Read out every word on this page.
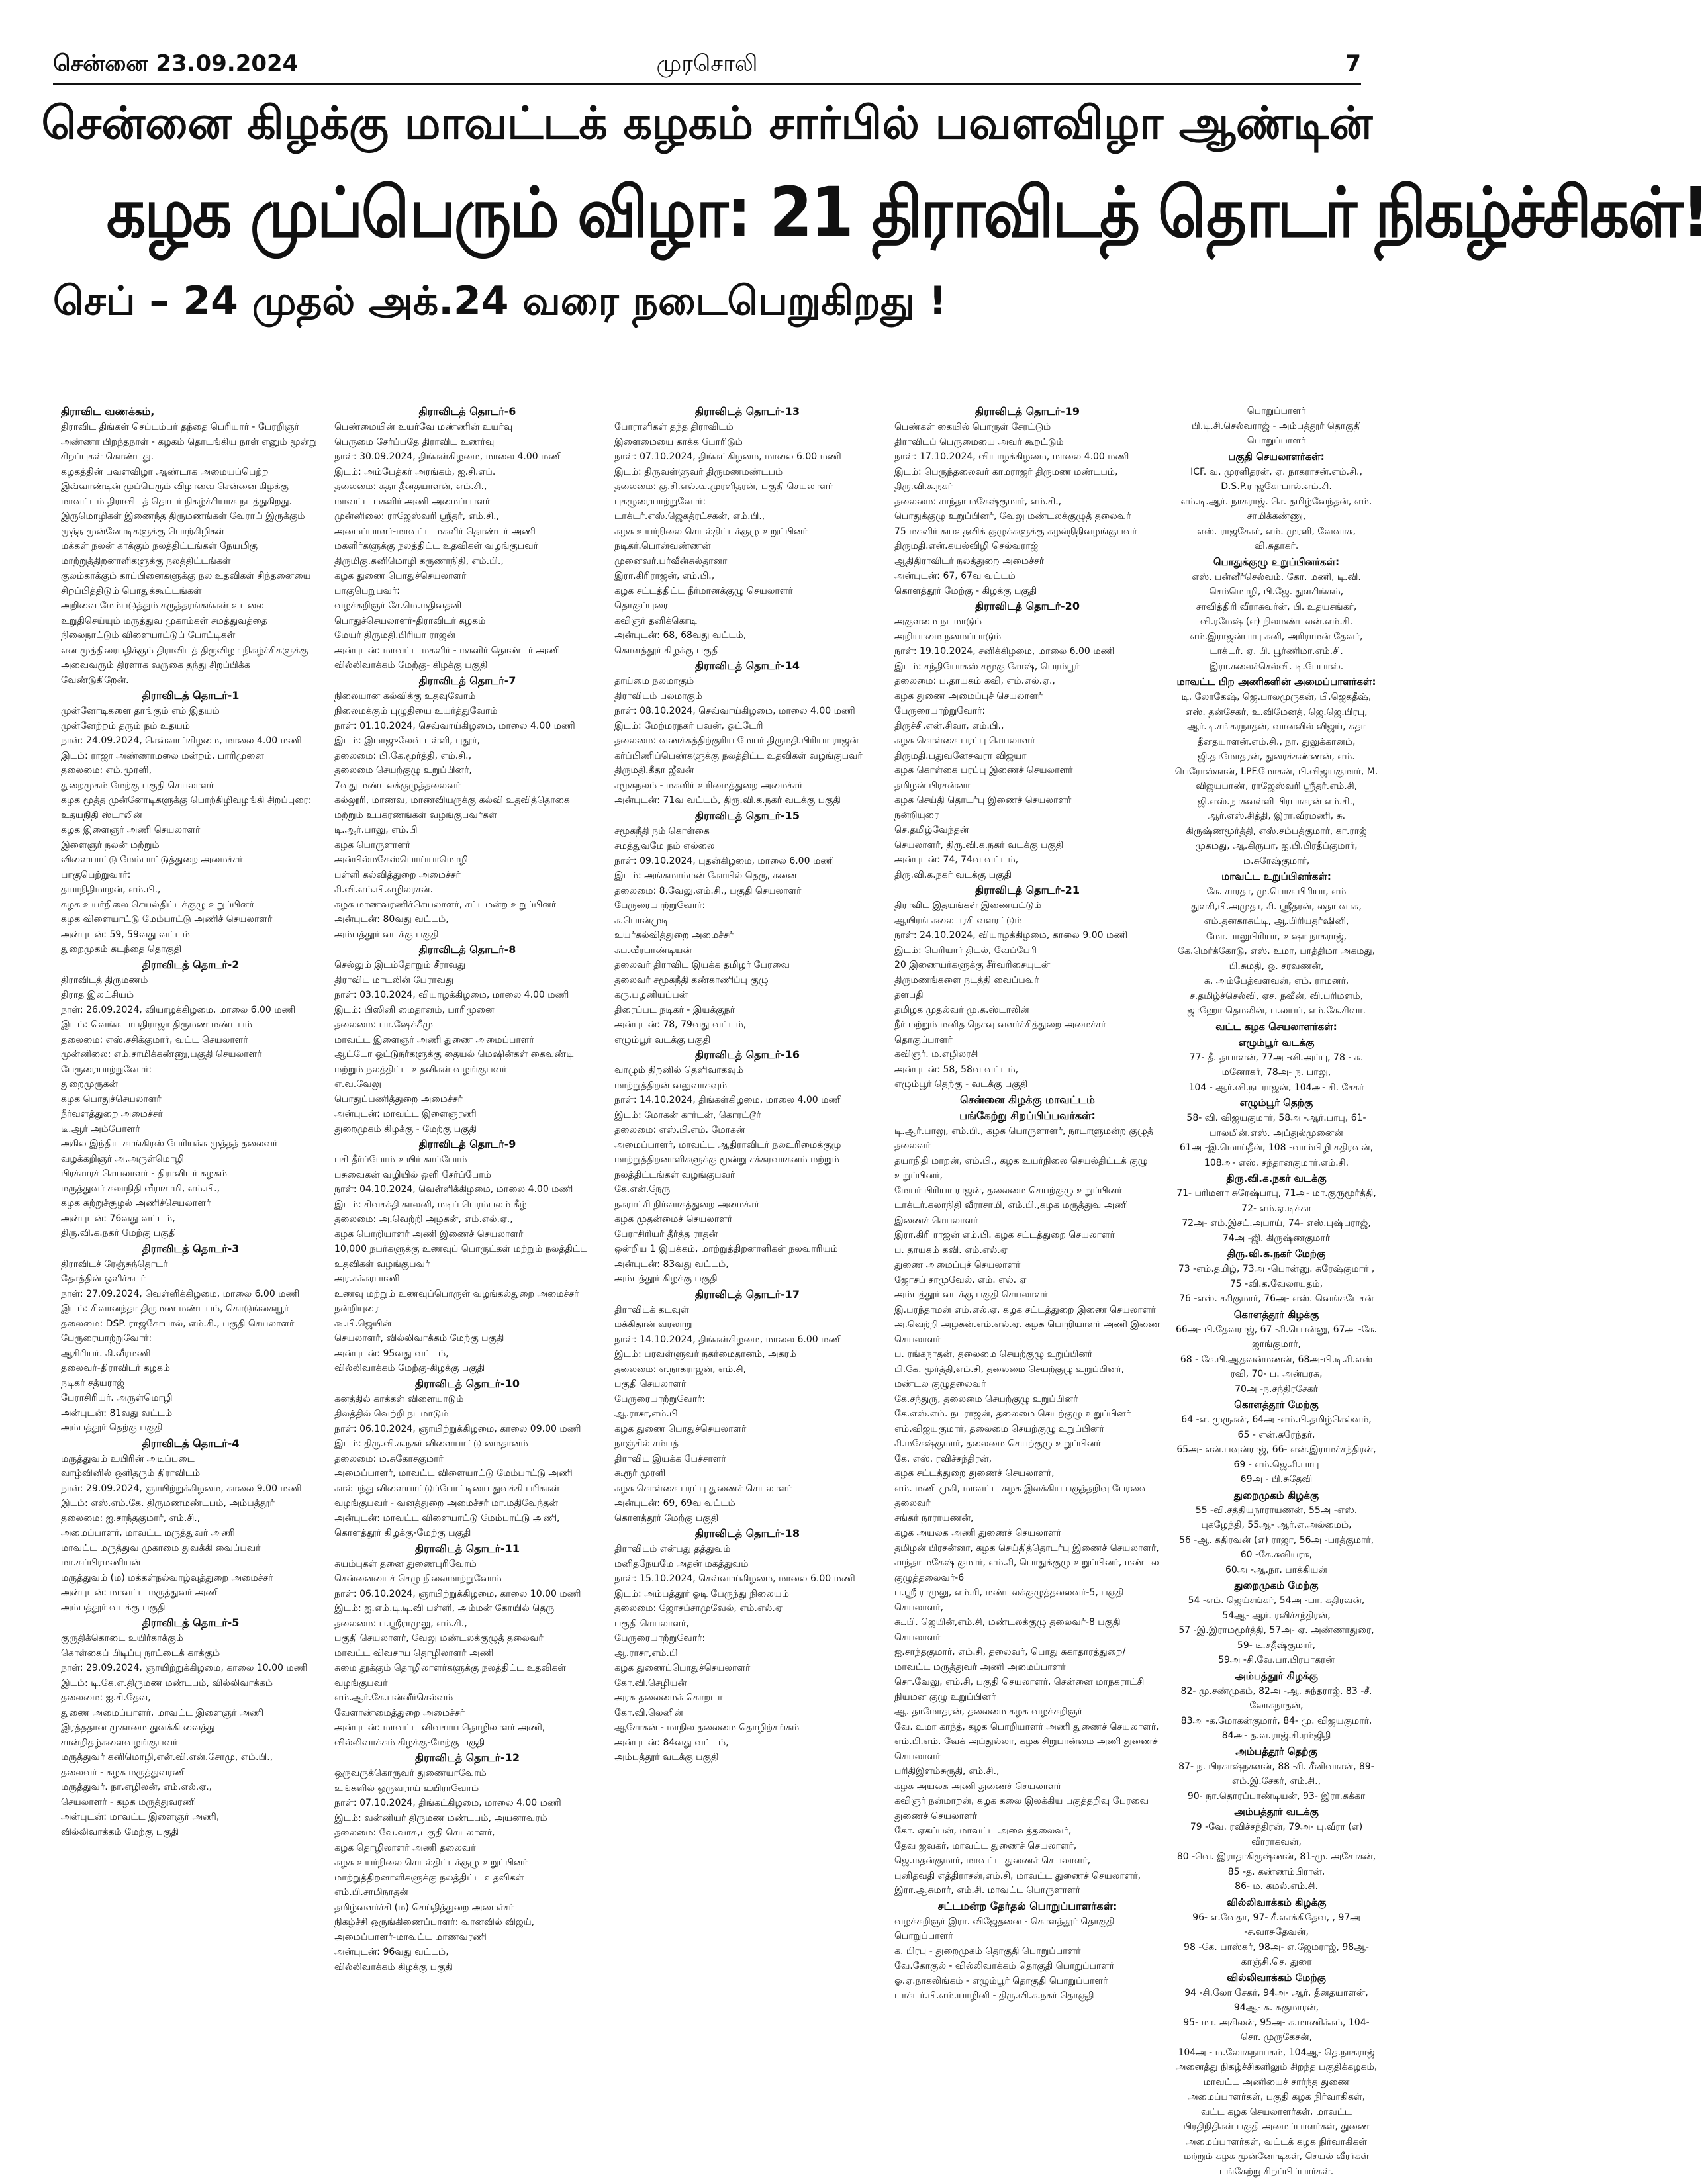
சென்னை 23.09.2024	முரசொலி	7
சென்னை கிழக்கு மாவட்டக் கழகம் சார்பில் பவளவிழா ஆண்டின்
கழக முப்பெரும் விழா: 21 திராவிடத் தொடர் நிகழ்ச்சிகள்!
செப் – 24 முதல் அக்.24 வரை நடைபெறுகிறது !

திராவிட வணக்கம்,

திராவிட திங்கள் செப்டம்பர் தந்தை பெரியார் - பேரறிஞர் அண்ணா பிறந்தநாள் - கழகம் தொடங்கிய நாள் எனும் மூன்று சிறப்புகள் கொண்டது.

கழகத்தின் பவளவிழா ஆண்டாக அமையப்பெற்ற இவ்வாண்டின் முப்பெரும் விழாவை சென்னை கிழக்கு மாவட்டம் திராவிடத் தொடர் நிகழ்ச்சியாக நடத்துகிறது.

இருமொழிகள் இணைந்த திருமணங்கள் வேராய் இருக்கும் மூத்த முன்னோடிகளுக்கு பொற்கிழிகள்

மக்கள் நலன் காக்கும் நலத்திட்டங்கள் நேயமிகு மாற்றுத்திறனாளிகளுக்கு நலத்திட்டங்கள்

குலம்காக்கும் காப்பினைகளுக்கு நல உதவிகள் சிந்தனையை சிறப்பித்திடும் பொதுக்கூட்டங்கள்

அறிவை மேம்படுத்தும் கருத்தரங்கங்கள் உடலை உறுதிசெய்யும் மருத்துவ முகாம்கள் சமத்துவத்தை நிலைநாட்டும் விளையாட்டுப் போட்டிகள்

என முத்திரைபதிக்கும் திராவிடத் திருவிழா நிகழ்ச்சிகளுக்கு அவைவரும் திரளாக வருகை தந்து சிறப்பிக்க வேண்டுகிறேன்.

திராவிடத் தொடர்-1

முன்னோடிகளை தாங்கும் எம் இதயம்

முன்னேற்றம் தரும் நம் உதயம்

நாள்: 24.09.2024, செவ்வாய்கிழமை, மாலை 4.00 மணி

இடம்: ராஜா அண்ணாமலை மன்றம், பாரிமுனை

தலைமை: எம்.முரளி,

துறைமுகம் மேற்கு பகுதி செயலாளர்

கழக மூத்த முன்னோடிகளுக்கு பொற்கிழிவழங்கி சிறப்புரை:

உதயநிதி ஸ்டாலின்

கழக இளைஞர் அணி செயலாளர்

இளைஞர் நலன் மற்றும்

விளையாட்டு மேம்பாட்டுத்துறை அமைச்சர்

பாகுபெற்றுவார்:

தயாநிதிமாறன், எம்.பி.,

கழக உயர்நிலை செயல்திட்டக்குழு உறுப்பினர்

கழக விளையாட்டு மேம்பாட்டு அணிச் செயலாளர்

அன்புடன்: 59, 59வது வட்டம்

துறைமுகம் கடந்தை தொகுதி

திராவிடத் தொடர்-2

திராவிடத் திருமணம்

திராத இலட்சியம்

நாள்: 26.09.2024, வியாழக்கிழமை, மாலை 6.00 மணி

இடம்: வெங்கடாபதிராஜா திருமண மண்டபம்

தலைமை: எஸ்.சசிக்குமார், வட்ட செயலாளர்

முன்னிலை: எம்.சாமிக்கண்ணு,பகுதி செயலாளர்

பேருரையாற்றுவோர்:

துறைமுருகன்

கழக பொதுச்செயலாளர்

நீர்வளத்துறை அமைச்சர்

டீ.ஆர் அம்போளர்

அகில இந்திய காங்கிரஸ் பேரியக்க மூத்தத் தலைவர் வழக்கறிஞர் அ.அருள்மொழி

பிரச்சாரச் செயலாளர் - திராவிடர் கழகம்

மருத்துவர் கலாநிதி வீராசாமி, எம்.பி.,

கழக சுற்றுச்சூழல் அணிச்செயலாளர்

அன்புடன்: 76வது வட்டம்,

திரு.வி.க.நகர் மேற்கு பகுதி

திராவிடத் தொடர்-3

திராவிடச் ரேஞ்சுந்தொடர்

தேசத்தின் ஒளிச்சுடர்

நாள்: 27.09.2024, வெள்ளிக்கிழமை, மாலை 6.00 மணி

இடம்: சிவானந்தா திருமண மண்டபம், கொடுங்கையூர்

தலைமை: DSP. ராஜகோபால், எம்.சி., பகுதி செயலாளர்

பேருரையாற்றுவோர்:

ஆசிரியர். கி.வீரமணி

தலைவர்-திராவிடர் கழகம்

நடிகர் சத்யராஜ்

பேராசிரியர். அருள்மொழி

அன்புடன்: 81வது வட்டம்

அம்பத்தூர் தெற்கு பகுதி

திராவிடத் தொடர்-4

மருத்துவம் உயிரின் அடிப்படை

வாழ்வினில் ஒளிதரும் திராவிடம்

நாள்: 29.09.2024, ஞாயிற்றுக்கிழமை, காலை 9.00 மணி

இடம்: எஸ்.எம்.கே. திருமணமண்டபம், அம்பத்தூர்

தலைமை: ஐ.சாந்தகுமார், எம்.சி.,

அமைப்பாளர், மாவட்ட மருத்துவர் அணி

மாவட்ட மருத்துவ முகாமை துவக்கி வைப்பவர்

மா.சுப்பிரமணியன்

மருத்துவம் (ம) மக்கள்நல்வாழ்வுத்துறை அமைச்சர்

அன்புடன்: மாவட்ட மருத்துவர் அணி

அம்பத்தூர் வடக்கு பகுதி

திராவிடத் தொடர்-5

குருதிக்கொடை உயிர்காக்கும்

கொள்கைப் பிடிப்பு நாட்டைக் காக்கும்

நாள்: 29.09.2024, ஞாயிற்றுக்கிழமை, காலை 10.00 மணி

இடம்: டி.கே.எ.திருமண மண்டபம், வில்லிவாக்கம்

தலைமை: ஐ.சி.தேவ,

துணை அமைப்பாளர், மாவட்ட இளைஞர் அணி

இரத்ததான முகாமை துவக்கி வைத்து சான்றிதழ்களைவழங்குபவர்

மருத்துவர் கனிமொழி,என்.வி.என்.சோமு, எம்.பி.,

தலைவர் - கழக மருத்துவரணி

மருத்துவர். நா.எழிலன், எம்.எல்.ஏ.,

செயலாளர் - கழக மருத்துவரணி

அன்புடன்: மாவட்ட இளைஞர் அணி,

வில்லிவாக்கம் மேற்கு பகுதி

திராவிடத் தொடர்-6

பெண்மையின் உயர்வே மண்ணின் உயர்வு

பெருமை சேர்ப்பதே திராவிட உணர்வு

நாள்: 30.09.2024, திங்கள்கிழமை, மாலை 4.00 மணி

இடம்: அம்பேத்கர் அரங்கம், ஐ.சி.எப்.

தலைமை: சுதா தீனதயாளன், எம்.சி.,

மாவட்ட மகளிர் அணி அமைப்பாளர்

முன்னிலை: ராஜேஸ்வரி ஸ்ரீதர், எம்.சி.,

அமைப்பாளர்-மாவட்ட மகளிர் தொண்டர் அணி

மகளிர்களுக்கு நலத்திட்ட உதவிகள் வழங்குபவர்

திருமிகு.கனிமொழி கருணாநிதி, எம்.பி.,

கழக துணை பொதுச்செயலாளர்

பாகுபெறுபவர்:

வழக்கறிஞர் சே.மெ.மதிவதனி

பொதுச்செயலாளர்-திராவிடர் கழகம்

மேயர் திருமதி.பிரியா ராஜன்

அன்புடன்: மாவட்ட மகளிர் - மகளிர் தொண்டர் அணி

வில்லிவாக்கம் மேற்கு- கிழக்கு பகுதி

திராவிடத் தொடர்-7

நிலையான கல்விக்கு உதவுவோம்

நிலைமக்கும் புழுதியை உயர்த்துவோம்

நாள்: 01.10.2024, செவ்வாய்கிழமை, மாலை 4.00 மணி

இடம்: இமாஜுலேவ் பள்ளி, புதூர்,

தலைமை: பி.கே.மூர்த்தி, எம்.சி.,

தலைமை செயற்குழு உறுப்பினர்,

7வது மண்டலக்குழுத்தலைவர்

கல்லூரி, மாணவ, மாணவியருக்கு கல்வி உதவித்தொகை மற்றும் உபகரணங்கள் வழங்குபவர்கள்

டி.ஆர்.பாலு, எம்.பி

கழக பொருளாளர்

அன்பில்மகேஸ்பொய்யாமொழி

பள்ளி கல்வித்துறை அமைச்சர்

சி.வி.எம்.பி.எழிலரசன்.

கழக மாணவரணிச்செயலாளர், சட்டமன்ற உறுப்பினர்

அன்புடன்: 80வது வட்டம்,

அம்பத்தூர் வடக்கு பகுதி

திராவிடத் தொடர்-8

செல்லும் இடம்தோறும் சீராவது

திராவிட மாடலின் பேராவது

நாள்: 03.10.2024, வியாழக்கிழமை, மாலை 4.00 மணி

இடம்: பிஸினி மைதானம், பாரிமுனை

தலைமை: பா.ஷேக்கீமு

மாவட்ட இளைஞர் அணி துணை அமைப்பாளர்

ஆட்டோ ஓட்டுநர்களுக்கு தையல் மெஷின்கள் கைவண்டி மற்றும் நலத்திட்ட உதவிகள் வழங்குபவர்

எ.வ.வேலு

பொதுப்பணித்துறை அமைச்சர்

அன்புடன்: மாவட்ட இளைஞரணி

துறைமுகம் கிழக்கு - மேற்கு பகுதி

திராவிடத் தொடர்-9

பசி தீர்ப்போம் உயிர் காப்போம்

பசுவைகன் வழியில் ஒளி சேர்ப்போம்

நாள்: 04.10.2024, வெள்ளிக்கிழமை, மாலை 4.00 மணி

இடம்: சிவசக்தி காலனி, மடிப் பெரம்பலம் கீழ்

தலைமை: அ.வெற்றி அழகன், எம்.எல்.ஏ.,

கழக பொறியாளர் அணி இணைச் செயலாளர்

10,000 நபர்களுக்கு உணவுப் பொருட்கள் மற்றும் நலத்திட்ட உதவிகள் வழங்குபவர்

அர.சக்கரபாணி

உணவு மற்றும் உணவுப்பொருள் வழங்கல்துறை அமைச்சர்

நன்றியுரை

கூ.பி.ஜெயின்

செயலாளர், வில்லிவாக்கம் மேற்கு பகுதி

அன்புடன்: 95வது வட்டம்,

வில்லிவாக்கம் மேற்கு-கிழக்கு பகுதி

திராவிடத் தொடர்-10

கனத்தில் காக்கள் விளையாடும்

திலத்தில் வெற்றி நடமாடும்

நாள்: 06.10.2024, ஞாயிற்றுக்கிழமை, காலை 09.00 மணி

இடம்: திரு.வி.க.நகர் விளையாட்டு மைதானம்

தலைமை: ம.சுகோசகுமார்

அமைப்பாளர், மாவட்ட விளையாட்டு மேம்பாட்டு அணி

கால்பந்து விளையாட்டுப்போட்டியை துவக்கி பரிசுகள் வழங்குபவர் - வனத்துறை அமைச்சர் மா.மதிவேந்தன்

அன்புடன்: மாவட்ட விளையாட்டு மேம்பாட்டு அணி,

கொளத்தூர் கிழக்கு-மேற்கு பகுதி

திராவிடத் தொடர்-11

சுயம்புகள் தனை துணைபுரிவோம்

சென்னையைச் செழு நிலைமாற்றுவோம்

நாள்: 06.10.2024, ஞாயிற்றுக்கிழமை, காலை 10.00 மணி

இடம்: ஐ.எம்.டி.டி.வி பள்ளி, அம்மன் கோயில் தெரு

தலைமை: ப.ஸ்ரீராமுலு, எம்.சி.,

பகுதி செயலாளர், வேலு மண்டலக்குழுத் தலைவர்

மாவட்ட விவசாய தொழிலாளர் அணி

சுமை தூக்கும் தொழிலாளர்களுக்கு நலத்திட்ட உதவிகள் வழங்குபவர்

எம்.ஆர்.கே.பன்னீர்செல்வம்

வேளாண்மைத்துறை அமைச்சர்

அன்புடன்: மாவட்ட விவசாய தொழிலாளர் அணி,

வில்லிவாக்கம் கிழக்கு-மேற்கு பகுதி

திராவிடத் தொடர்-12

ஒருவருக்கொருவர் துணையாவோம்

உங்களில் ஒருவராய் உயிராவோம்

நாள்: 07.10.2024, திங்கட்கிழமை, மாலை 4.00 மணி

இடம்: வன்னியர் திருமண மண்டபம், அயனாவரம்

தலைமை: வே.வாசு,பகுதி செயலாளர்,

கழக தொழிலாளர் அணி தலைவர்

கழக உயர்நிலை செயல்திட்டக்குழு உறுப்பினர் மாற்றுத்திறனாளிகளுக்கு நலத்திட்ட உதவிகள்

எம்.பி.சாமிநாதன்

தமிழ்வளர்ச்சி (ம) செய்தித்துறை அமைச்சர்

நிகழ்ச்சி ஒருங்கிணைப்பாளர்: வானவில் விஜய்,

அமைப்பாளர்-மாவட்ட மாணவரணி

அன்புடன்: 96வது வட்டம்,

வில்லிவாக்கம் கிழக்கு பகுதி

திராவிடத் தொடர்-13

போராளிகள் தந்த திராவிடம்

இளைமையை காக்க போரிடும்

நாள்: 07.10.2024, திங்கட்கிழமை, மாலை 6.00 மணி

இடம்: திருவள்ளுவர் திருமணமண்டபம்

தலைமை: கு.சி.எல்.வ.முரளிதரன், பகுதி செயலாளர்

புகழுரையாற்றுவோர்:

டாக்டர்.எஸ்.ஜெகத்ரட்சகன், எம்.பி.,

கழக உயர்நிலை செயல்திட்டக்குழு உறுப்பினர்

நடிகர்.பொன்வண்ணன்

முனைவர்.பர்வீன்சுல்தானா

இரா.கிரிராஜன், எம்.பி.,

கழக சட்டத்திட்ட நீர்மானக்குழு செயலாளர்

தொகுப்புரை

கவிஞர் தனிக்கொடி

அன்புடன்: 68, 68வது வட்டம்,

கொளத்தூர் கிழக்கு பகுதி

திராவிடத் தொடர்-14

தாய்மை நலமாகும்

திராவிடம் பலமாகும்

நாள்: 08.10.2024, செவ்வாய்கிழமை, மாலை 4.00 மணி

இடம்: மேற்மரநகர் பவன், ஓட்டேரி

தலைமை: வணக்கத்திற்குரிய மேயர் திருமதி.பிரியா ராஜன்

கர்ப்பிணிப்பெண்களுக்கு நலத்திட்ட உதவிகள் வழங்குபவர்

திருமதி.கீதா ஜீவன்

சமூகநலம் - மகளிர் உரிமைத்துறை அமைச்சர்

அன்புடன்: 71வ வட்டம், திரு.வி.க.நகர் வடக்கு பகுதி

திராவிடத் தொடர்-15

சமூகநீதி நம் கொள்கை

சமத்துவமே நம் எல்லை

நாள்: 09.10.2024, புதன்கிழமை, மாலை 6.00 மணி

இடம்: அங்கமாம்மன் கோயில் தெரு, கனை

தலைமை: 8.வேலு,எம்.சி., பகுதி செயலாளர்

பேருரையாற்றுவோர்:

க.பொன்முடி

உயர்கல்வித்துறை அமைச்சர்

சுப.வீரபாண்டியன்

தலைவர் திராவிட இயக்க தமிழர் பேரவை

தலைவர் சமூகநீதி கண்காணிப்பு குழு

கரு.பழனியப்பன்

திரைப்பட நடிகர் - இயக்குநர்

அன்புடன்: 78, 79வது வட்டம்,

எழும்பூர் வடக்கு பகுதி

திராவிடத் தொடர்-16

வாழும் திறனில் தெளிவாகவும்

மாற்றுத்திறன் வலுவாகவும்

நாள்: 14.10.2024, திங்கள்கிழமை, மாலை 4.00 மணி

இடம்: மோகன் கார்டன், கொரட்டூர்

தலைமை: எஸ்.பி.எம். மோகன்

அமைப்பாளர், மாவட்ட ஆதிராவிடர் நலஉரிமைக்குழு

மாற்றுத்திறனாளிகளுக்கு மூன்று சக்கரவாகனம் மற்றும் நலத்திட்டங்கள் வழங்குபவர்

கே.என்.நேரு

நகராட்சி நிர்வாகத்துறை அமைச்சர்

கழக முதன்மைச் செயலாளர்

பேராசிரியர் தீர்த்த ராதன்

ஒன்றிய 1 இயக்கம், மாற்றுத்திறனாளிகள் நலவாரியம்

அன்புடன்: 83வது வட்டம்,

அம்பத்தூர் கிழக்கு பகுதி

திராவிடத் தொடர்-17

திராவிடக் கடவுள்

மக்கிதான் வரலாறு

நாள்: 14.10.2024, திங்கள்கிழமை, மாலை 6.00 மணி

இடம்: பரவள்ளுவர் நகர்மைதானம், அகரம்

தலைமை: எ.நாகராஜன், எம்.சி,

பகுதி செயலாளர்

பேருரையாற்றுவோர்:

ஆ.ராசா,எம்.பி

கழக துணை பொதுச்செயலாளர்

நாஞ்சில் சம்பத்

திராவிட இயக்க பேச்சாளர்

கூரூர் முரளி

கழக கொள்கை பரப்பு துணைச் செயலாளர்

அன்புடன்: 69, 69வ வட்டம்

கொளத்தூர் மேற்கு பகுதி

திராவிடத் தொடர்-18

திராவிடம் என்பது தத்துவம்

மனிதநேயமே அதன் மகத்துவம்

நாள்: 15.10.2024, செவ்வாய்கிழமை, மாலை 6.00 மணி

இடம்: அம்பத்தூர் ஓடி பேருந்து நிலையம்

தலைமை: ஜோசப்சாமுவேல், எம்.எல்.ஏ

பகுதி செயலாளர்,

பேருரையாற்றுவோர்:

ஆ.ராசா,எம்.பி

கழக துணைப்பொதுச்செயலாளர்

கோ.வி.செழியன்

அரசு தலைமைக் கொறடா

கோ.வி.லெனின்

ஆசோகன் - மாநில தலைமை தொழிற்சங்கம்

அன்புடன்: 84வது வட்டம்,

அம்பத்தூர் வடக்கு பகுதி

திராவிடத் தொடர்-19

பெண்கள் கையில் பொருள் சேரட்டும்

திராவிடப் பெருமையை அவர் கூறட்டும்

நாள்: 17.10.2024, வியாழக்கிழமை, மாலை 4.00 மணி

இடம்: பெருந்தலைவர் காமராஜர் திருமண மண்டபம், திரு.வி.க.நகர்

தலைமை: சாந்தா மகேஷ்குமார், எம்.சி.,

பொதுக்குழு உறுப்பினர், வேலு மண்டலக்குழுத் தலைவர்

75 மகளிர் சுயஉதவிக் குழுக்களுக்கு சுழல்நிதிவழங்குபவர்

திருமதி.என்.கயல்விழி செல்வராஜ்

ஆதிதிராவிடர் நலத்துறை அமைச்சர்

அன்புடன்: 67, 67வ வட்டம்

கொளத்தூர் மேற்கு - கிழக்கு பகுதி

திராவிடத் தொடர்-20

அகுளமை நடமாடும்

அறியாமை நமைப்பாடும்

நாள்: 19.10.2024, சனிக்கிழமை, மாலை 6.00 மணி

இடம்: சந்தியோகஸ் சமூகு சோஷ், பெரம்பூர்

தலைமை: ப.தாயகம் கவி, எம்.எல்.ஏ.,

கழக துணை அமைப்புச் செயலாளர்

பேருரையாற்றுவோர்:

திருச்சி.என்.சிவா, எம்.பி.,

கழக கொள்கை பரப்பு செயலாளர்

திருமதி.பதுவனேசுவரா விஜயா

கழக கொள்கை பரப்பு இணைச் செயலாளர்

தமிழன் பிரசன்னா

கழக செய்தி தொடர்பு இணைச் செயலாளர்

நன்றியுரை

செ.தமிழ்வேந்தன்

செயலாளர், திரு.வி.க.நகர் வடக்கு பகுதி

அன்புடன்: 74, 74வ வட்டம்,

திரு.வி.க.நகர் வடக்கு பகுதி

திராவிடத் தொடர்-21

திராவிட இதயங்கள் இணையட்டும்

ஆயிரங் கலையரசி வளரட்டும்

நாள்: 24.10.2024, வியாழக்கிழமை, காலை 9.00 மணி

இடம்: பெரியார் திடல், வேப்பேரி

20 இணையர்களுக்கு சீர்வரிசையுடன்

திருமணங்களை நடத்தி வைப்பவர்

தளபதி

தமிழக முதல்வர் மு.க.ஸ்டாலின்

நீர் மற்றும் மனித நெசவு வளர்ச்சித்துறை அமைச்சர்

தொகுப்பாளர்

கவிஞர். ம.எழிலரசி

அன்புடன்: 58, 58வ வட்டம்,

எழும்பூர் தெற்கு - வடக்கு பகுதி

சென்னை கிழக்கு மாவட்டம்

பங்கேற்று சிறப்பிப்பவர்கள்:

டி.ஆர்.பாலு, எம்.பி., கழக பொருளாளர், நாடாளுமன்ற குழுத் தலைவர்

தயாநிதி மாறன், எம்.பி., கழக உயர்நிலை செயல்திட்டக் குழு உறுப்பினர்,

மேயர் பிரியா ராஜன், தலைமை செயற்குழு உறுப்பினர்

டாக்டர்.கலாநிதி வீராசாமி, எம்.பி.,கழக மருத்துவ அணி இணைச் செயலாளர்

இரா.கிரி ராஜன் எம்.பி. கழக சட்டத்துறை செயலாளர்

ப. தாயகம் கவி. எம்.எல்.ஏ

துணை அமைப்புச் செயலாளர்

ஜோசப் சாமுவேல். எம். எல். ஏ

அம்பத்தூர் வடக்கு பகுதி செயலாளர்

இ.பரந்தாமன் எம்.எல்.ஏ. கழக சட்டத்துறை இணை செயலாளர்

அ.வெற்றி அழகன்.எம்.எல்.ஏ. கழக பொறியாளர் அணி இணை செயலாளர்

ப. ரங்கநாதன், தலைமை செயற்குழு உறுப்பினர்

பி.கே. மூர்த்தி,எம்.சி, தலைமை செயற்குழு உறுப்பினர்,

மண்டல குழுதலைவர்

கே.சந்துரு, தலைமை செயற்குழு உறுப்பினர்

கே.எஸ்.எம். நடராஜன், தலைமை செயற்குழு உறுப்பினர்

எம்.விஜயகுமார், தலைமை செயற்குழு உறுப்பினர்

சி.மகேஷ்குமார், தலைமை செயற்குழு உறுப்பினர்

கே. எஸ். ரவிச்சந்திரன்,

கழக சட்டத்துறை துணைச் செயலாளர்,

எம். மணி முகி, மாவட்ட கழக இலக்கிய பகுத்தறிவு பேரவை தலைவர்

சங்கர் நாராயணன்,

கழக அயலக அணி துணைச் செயலாளர்

தமிழன் பிரசன்னா, கழக செய்தித்தொடர்பு இணைச் செயலாளர்,

சாந்தா மகேஷ் குமார், எம்.சி, பொதுக்குழு உறுப்பினர், மண்டல குழுத்தலைவர்-6

ப.ஸ்ரீ ராமுலு, எம்.சி, மண்டலக்குழுத்தலைவர்-5, பகுதி செயலாளர்,

கூ.பி. ஜெயின்,எம்.சி, மண்டலக்குழு தலைவர்-8 பகுதி செயலாளர்

ஐ.சாந்தகுமார், எம்.சி, தலைவர், பொது சுகாதாரத்துறை/ மாவட்ட மருத்துவர் அணி அமைப்பாளர்

சொ.வேலு, எம்.சி, பகுதி செயலாளர், சென்னை மாநகராட்சி நியமன குழு உறுப்பினர்

ஆ. தாமோதரன், தலைமை கழக வழக்கறிஞர்

வே. உமா காந்த், கழக பொறியாளர் அணி துணைச் செயலாளர்,

எம்.பி.எம். வேக் அப்துல்லா, கழக சிறுபான்மை அணி துணைச் செயலாளர்

பரிதிஇளம்சுருதி, எம்.சி.,

கழக அயலக அணி துணைச் செயலாளர்

கவிஞர் நன்மாறன், கழக கலை இலக்கிய பகுத்தறிவு பேரவை துணைச் செயலாளர்

கோ. ஏகப்பன், மாவட்ட அவைத்தலைவர்,

தேவ ஜவகர், மாவட்ட துணைச் செயலாளர்,

ஜெ.மதன்குமார், மாவட்ட துணைச் செயலாளர்,

புனிதவதி எத்திராசன்,எம்.சி, மாவட்ட துணைச் செயலாளர்,

இரா.ஆசுமார், எம்.சி. மாவட்ட பொருளாளர்

சட்டமன்ற தேர்தல் பொறுப்பாளர்கள்:

வழக்கறிஞர் இரா. விஜேதனை - கொளத்தூர் தொகுதி

பொறுப்பாளர்

க. பிரபு - துறைமுகம் தொகுதி பொறுப்பாளர்

வே.கோகுல் - வில்லிவாக்கம் தொகுதி பொறுப்பாளர்

ஓ.ஏ.நாகலிங்கம் - எழும்பூர் தொகுதி பொறுப்பாளர்

டாக்டர்.பி.எம்.யாழினி - திரு.வி.க.நகர் தொகுதி

பொறுப்பாளர்

பி.டி.சி.செல்வராஜ் - அம்பத்தூர் தொகுதி பொறுப்பாளர்

பகுதி செயலாளர்கள்:

ICF. வ. முரளிதரன், ஏ. நாகராசன்.எம்.சி.,

D.S.P.ராஜகோபால்.எம்.சி.

எம்.டி.ஆர். நாகராஜ். செ. தமிழ்வேந்தன், எம். சாமிக்கண்ணு,

எஸ். ராஜசேகர், எம். முரளி, வேவாசு, வி.சுதாகர்.

பொதுக்குழு உறுப்பினர்கள்:

எஸ். பன்னீர்செல்வம், கோ. மணி, டி.வி. செம்மொழி, பி.ஜே. துளசிங்கம்,

சாவித்திரி வீராசுவர்ன், பி. உதயசங்கர், வி.ரமேஷ் (எ) நிலமண்டலன்.எம்.சி.

எம்.இராஜன்பாபு கனி, அரிராமன் தேவர், டாக்டர். ஏ. பி. பூர்ணிமா.எம்.சி. இரா.கலைச்செல்வி. டி.பேபாஸ்.

மாவட்ட பிற அணிகளின் அமைப்பாளர்கள்:

டி. லோகேஷ், ஜெ.பாலமுருகன், பி.ஜெகதீஷ், எஸ். தன்சேகர், உ.விமேனத், ஜெ.ஜெ.பிரபு, ஆர்.டி.சங்கரநாதன், வானவில் விஜய், சுதா தீனதயாளன்.எம்.சி., நா. துலுக்கானம், ஜி.தாமோதரன், துரைக்கண்ணன், எம். பெரோஸ்கான், LPF.மோகன், பி.விஜயகுமார், M. விஜயபாண், ராஜேஸ்வரி ஸ்ரீதர்.எம்.சி, ஜி.எஸ்.நாகவள்ளி பிரபாகரன் எம்.சி., ஆர்.எஸ்.சித்தி, இரா.வீரமணி, சு. கிருஷ்ணமூர்த்தி, எஸ்.சம்பத்குமார், கா.ராஜ் முகமது, ஆ.கிருபா, ஐ.பி.பிரதீப்குமார், ம.சுரேஷ்குமார்,

மாவட்ட உறுப்பினர்கள்:

கே. சாரதா, மு.பொக பிரியா, எம் துளசி,பி.அமுதா, சி. ஸ்ரீதரன், லதா வாசு,

எம்.தனகாசுட்டி, ஆ.பிரியதர்ஷினி, மோ.பாலுபிரியா, உஷா நாகராஜ், கே.மெர்க்கோடு, எஸ். உமா, பாத்திமா அகமது, பி.சுமதி, ஓ. சரவணன்,

சு. அம்பேத்வளவன், எம். ராமனர், ச.தமிழ்ச்செல்வி, ஏச. நவீன், வி.பரிமளம், ஜாஹோ தெமலின், ப.லயப், எம்.கே.சிவா.

வட்ட கழக செயலாளர்கள்:

எழும்பூர் வடக்கு

77- தீ. தயாளன், 77அ -வி.அப்பு, 78 - சு. மனோகர், 78அ- ந. பாலு,

104 - ஆர்.வி.நடராஜன், 104அ- சி. சேகர்

எழும்பூர் தெற்கு

58- வி. விஜயகுமார், 58அ -ஆர்.பாபு, 61- பாலமின்.எஸ். அப்துல்முனைன்

61அ -இ.மொய்தீன், 108 -வாம்பிழி கதிரவன், 108அ- எஸ். சந்தானகுமார்.எம்.சி.

திரு.வி.க.நகர் வடக்கு

71- பரிமளா சுரேஷ்பாபு, 71அ- மா.குருமூர்த்தி, 72- எம்.ஏ.டிக்கா

72அ- எம்.இசட்.அபாய், 74- எஸ்.புஷ்பராஜ், 74அ -ஜி. கிருஷ்ணகுமார்

திரு.வி.க.நகர் மேற்கு

73 -எம்.தமிழ், 73அ -பொன்னு. சுரேஷ்குமார் , 75 -வி.க.வேலாயுதம்,

76 -எஸ். சசிகுமார், 76அ- எஸ். வெங்கடேசன்

கொளத்தூர் கிழக்கு

66அ- பி.தேவராஜ், 67 -சி.பொன்னு, 67அ -கே. ஜாங்குமார்,

68 - கே.பி.ஆதவன்மணன், 68அ-பி.டி.சி.எஸ் ரவி, 70- ப. அன்பரசு,

70அ -ந.சந்திரசேகர்

கொளத்தூர் மேற்கு

64 -எ. முருகன், 64அ -எம்.பி.தமிழ்செல்வம், 65 - என்.சுரேந்தர்,

65அ- என்.பவுன்ராஜ், 66- என்.இராமச்சந்திரன், 69 - எம்.ஜெ.சி.பாபு

69அ - பி.சுதேவி

துறைமுகம் கிழக்கு

55 -வி.சத்தியநாராயணன், 55அ -எஸ். புகழேந்தி, 55ஆ- ஆர்.எ.அல்மைம்,

56 -ஆ. கதிரவன் (எ) ராஜா, 56அ -பரத்குமார், 60 -கே.சுவியரசு,

60அ -ஆ.நா. பாக்கியன்

துறைமுகம் மேற்கு

54 -எம். ஜெய்சங்கர், 54அ -பா. கதிரவன், 54ஆ- ஆர். ரவிச்சந்திரன்,

57 -இ.இராமமூர்த்தி, 57அ- ஏ. அண்ணாதுரை, 59- டி.சதீஷ்குமார்,

59அ -சி.வே.பா.பிரபாகரன்

அம்பத்தூர் கிழக்கு

82- மு.சண்முகம், 82அ -ஆ. சுந்தராஜ், 83 -சீ. லோகநாதன்,

83அ -க.மோகன்குமார், 84- மு. விஜயகுமார், 84அ- த.வ.ராஜ்.சி.ரம்ஜிதி

அம்பத்தூர் தெற்கு

87- ந. பிரகாஷ்நகளன், 88 -சி. சீனிவாசன், 89- எம்.இ.சேகர், எம்.சி.,

90- நா.தொரப்பாண்டியன், 93- இரா.கக்கா

அம்பத்தூர் வடக்கு

79 -வே. ரவிச்சந்திரன், 79அ- பு.வீரா (எ) வீரராகவன்,

80 -வெ. இராதாகிருஷ்ணன், 81-மு. அசோகன், 85 -த. கண்ணம்பிரான்,

86- ம. கமல்.எம்.சி.

வில்லிவாக்கம் கிழக்கு

96- எ.வேதா, 97- சீ.எசக்கிதேவ, , 97அ -ச.வாசுதேவன்,

98 -கே. பாஸ்கர், 98அ- எ.ஜேமராஜ், 98ஆ- காஞ்சி.செ. துரை

வில்லிவாக்கம் மேற்கு

94 -சி.லோ சேகர், 94அ- ஆர். தீனதயாளன், 94ஆ- க. சுகுமாரன்,

95- மா. அகிலன், 95அ- க.மாணிக்கம், 104- சொ. முருகேசன்,

104அ - ம.லோகநாயகம், 104ஆ- தெ.நாகராஜ்

அனைத்து நிகழ்ச்சிகளிலும் சிறந்த பகுதிக்கழகம், மாவட்ட அணியைச் சார்ந்த துணை அமைப்பாளர்கள், பகுதி கழக நிர்வாகிகள்,

வட்ட கழக செயலாளர்கள், மாவட்ட பிரதிநிதிகள் பகுதி அமைப்பாளர்கள், துணை அமைப்பாளர்கள், வட்டக் கழக நிர்வாகிகள் மற்றும் கழக முன்னோடிகள், செயல் வீரர்கள் பங்கேற்று சிறப்பிப்பார்கள்.
